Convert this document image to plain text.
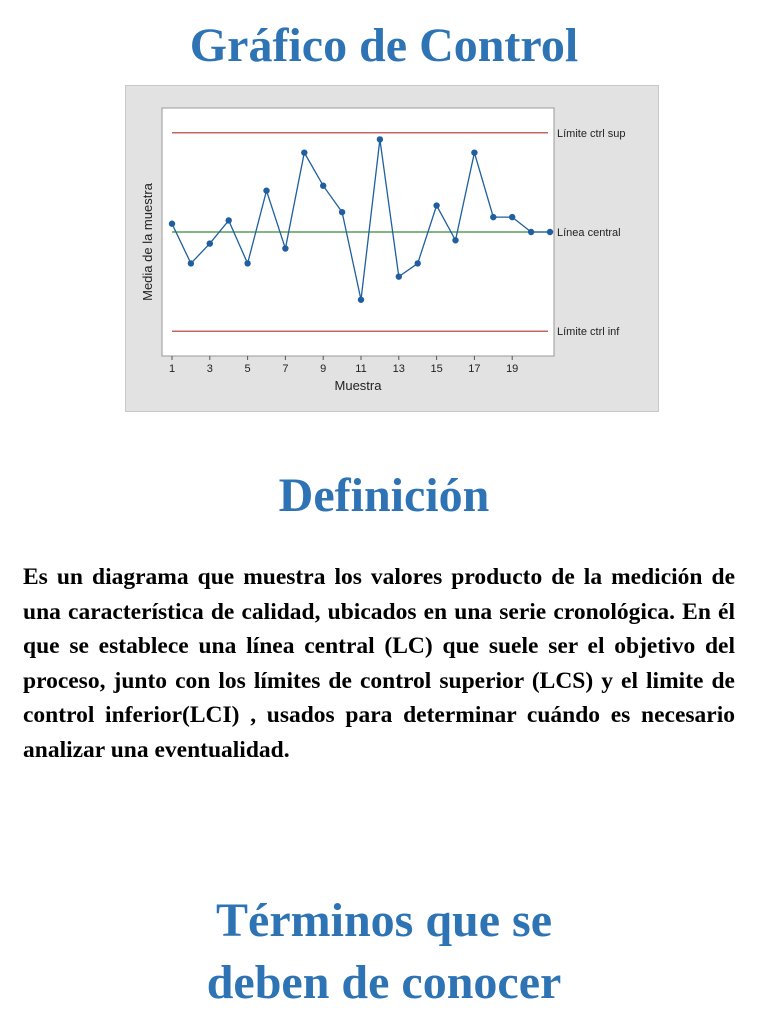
Gráfico de Control
1	3	5	7	9	11 13 15 17 19
Límite ctrl sup
Línea central
Límite ctrl inf
Muestra
Media de la muestra
Definición

Es un diagrama que muestra los valores producto de la medición de una característica de calidad, ubicados en una serie cronológica. En él que se establece una línea central (LC) que suele ser el objetivo del proceso, junto con los límites de control superior (LCS) y el limite de control inferior(LCI) , usados para determinar cuándo es necesario analizar una eventualidad.

Términos que se
deben de conocer
